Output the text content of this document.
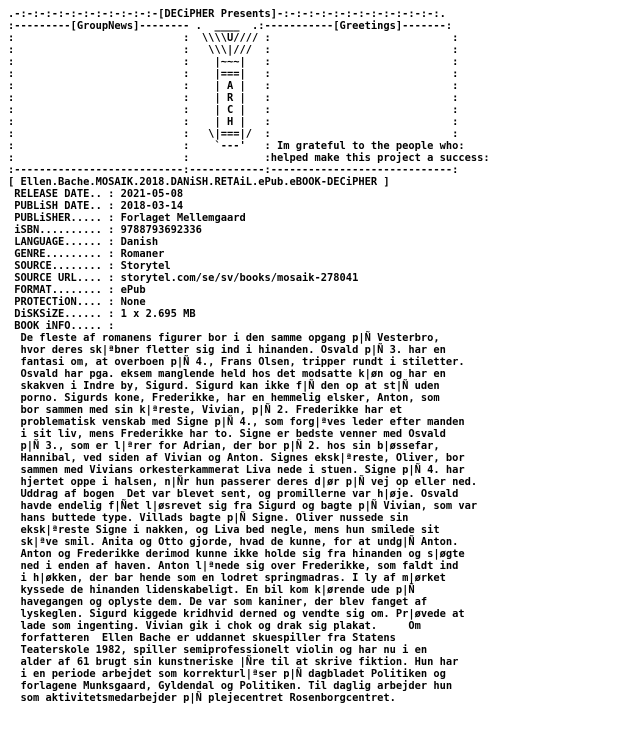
.-:-:-:-:-:-:-:-:-:-:-:-[DECiPHER Presents]-:-:-:-:-:-:-:-:-:-:-:-:-:.
:---------[GroupNews]-------- .  ____  .:-----------[Greetings]-------:
:                           :  \\\\U//// :                             :
:                           :   \\\|///  :                             :
:                           :    |~~~|   :                             :
:                           :    |===|   :                             :
:                           :    | A |   :                             :
:                           :    | R |   :                             :
:                           :    | C |   :                             :
:                           :    | H |   :                             :
:                           :   \|===|/  :                             :
:                           :    `---'   : Im grateful to the people who:
:                           :            :helped make this project a success:
:---------------------------:------------:-----------------------------:
[ Ellen.Bache.MOSAIK.2018.DANiSH.RETAiL.ePub.eBOOK-DECiPHER ]
RELEASE DATE.. : 2021-05-08
PUBLiSH DATE.. : 2018-03-14
PUBLiSHER..... : Forlaget Mellemgaard
iSBN.......... : 9788793692336
LANGUAGE...... : Danish
GENRE......... : Romaner
SOURCE........ : Storytel
SOURCE URL.... : storytel.com/se/sv/books/mosaik-278041
FORMAT........ : ePub
PROTECTiON.... : None
DiSKSiZE...... : 1 x 2.695 MB
BOOK iNFO..... :
De fleste af romanens figurer bor i den samme opgang p|Ñ Vesterbro,
hvor deres sk|ªbner fletter sig ind i hinanden. Osvald p|Ñ 3. har en
fantasi om, at overboen p|Ñ 4., Frans Olsen, tripper rundt i stiletter.
Osvald har pga. eksem manglende held hos det modsatte k|øn og har en
skakven i Indre by, Sigurd. Sigurd kan ikke f|Ñ den op at st|Ñ uden
porno. Sigurds kone, Frederikke, har en hemmelig elsker, Anton, som
bor sammen med sin k|ªreste, Vivian, p|Ñ 2. Frederikke har et
problematisk venskab med Signe p|Ñ 4., som forg|ªves leder efter manden
i sit liv, mens Frederikke har to. Signe er bedste venner med Osvald
p|Ñ 3., som er l|ªrer for Adrian, der bor p|Ñ 2. hos sin b|øssefar,
Hannibal, ved siden af Vivian og Anton. Signes eksk|ªreste, Oliver, bor
sammen med Vivians orkesterkammerat Liva nede i stuen. Signe p|Ñ 4. har
hjertet oppe i halsen, n|Ñr hun passerer deres d|ør p|Ñ vej op eller ned.
Uddrag af bogen  Det var blevet sent, og promillerne var h|øje. Osvald
havde endelig f|Ñet l|øsrevet sig fra Sigurd og bagte p|Ñ Vivian, som var
hans buttede type. Villads bagte p|Ñ Signe. Oliver nussede sin
eksk|ªreste Signe i nakken, og Liva bed negle, mens hun smilede sit
sk|ªve smil. Anita og Otto gjorde, hvad de kunne, for at undg|Ñ Anton.
Anton og Frederikke derimod kunne ikke holde sig fra hinanden og s|øgte
ned i enden af haven. Anton l|ªnede sig over Frederikke, som faldt ind
i h|økken, der bar hende som en lodret springmadras. I ly af m|ørket
kyssede de hinanden lidenskabeligt. En bil kom k|ørende ude p|Ñ
havegangen og oplyste dem. De var som kaniner, der blev fanget af
lyskeglen. Sigurd kiggede kridhvid derned og vendte sig om. Pr|øvede at
lade som ingenting. Vivian gik i chok og drak sig plakat.     Om
forfatteren  Ellen Bache er uddannet skuespiller fra Statens
Teaterskole 1982, spiller semiprofessionelt violin og har nu i en
alder af 61 brugt sin kunstneriske |Ñre til at skrive fiktion. Hun har
i en periode arbejdet som korrekturl|ªser p|Ñ dagbladet Politiken og
forlagene Munksgaard, Gyldendal og Politiken. Til daglig arbejder hun
som aktivitetsmedarbejder p|Ñ plejecentret Rosenborgcentret.
